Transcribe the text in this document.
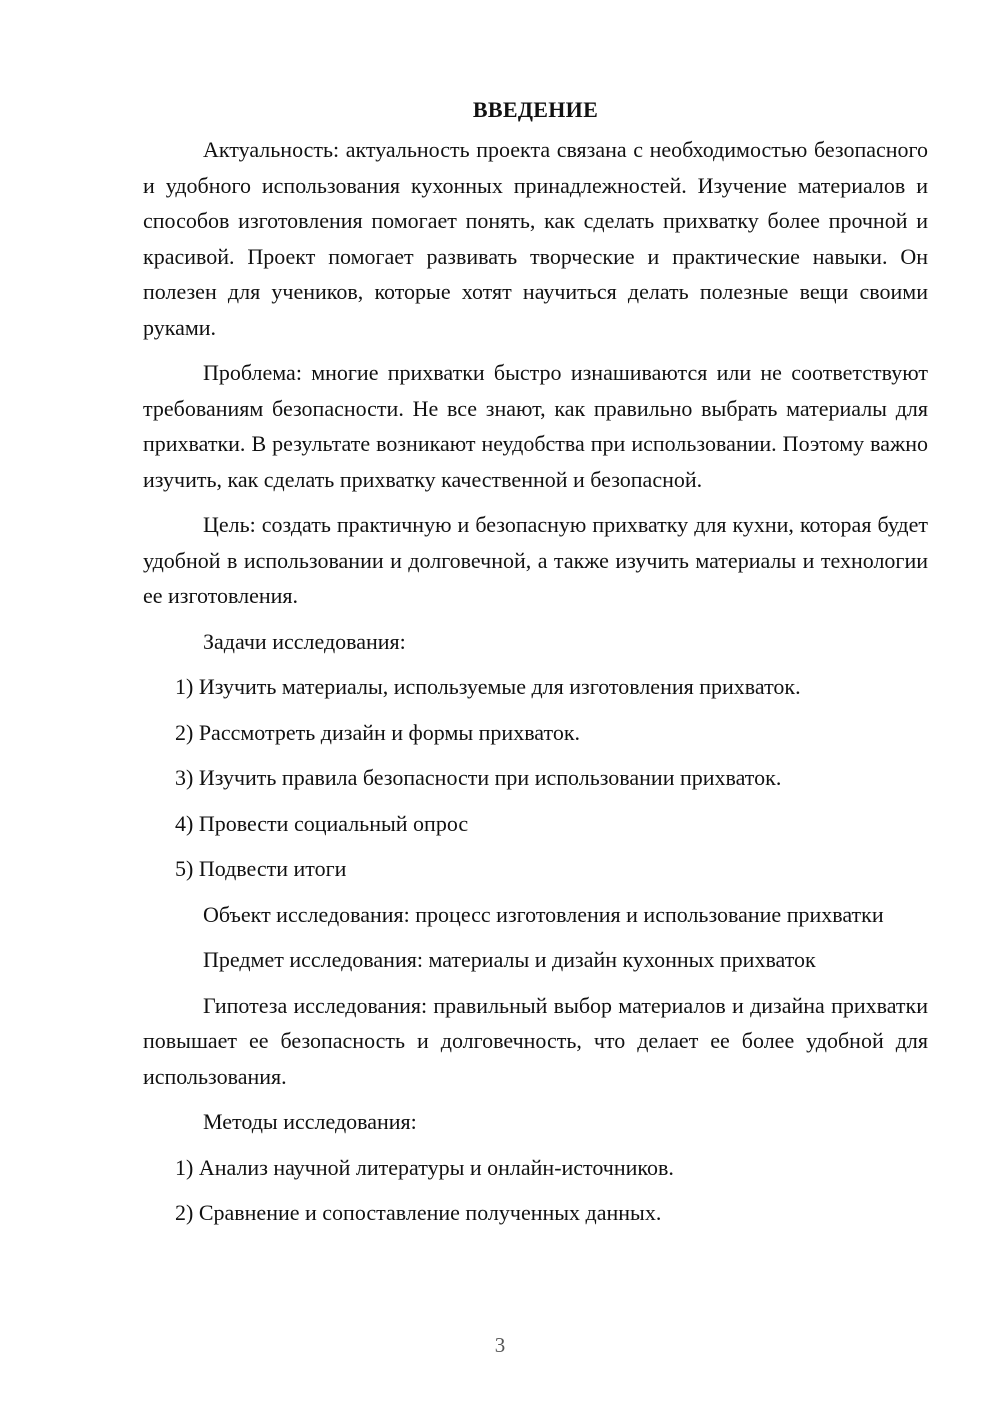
ВВЕДЕНИЕ

Актуальность: актуальность проекта связана с необходимостью безопасного и удобного использования кухонных принадлежностей. Изучение материалов и способов изготовления помогает понять, как сделать прихватку более прочной и красивой. Проект помогает развивать творческие и практические навыки. Он полезен для учеников, которые хотят научиться делать полезные вещи своими руками.

Проблема: многие прихватки быстро изнашиваются или не соответствуют требованиям безопасности. Не все знают, как правильно выбрать материалы для прихватки. В результате возникают неудобства при использовании. Поэтому важно изучить, как сделать прихватку качественной и безопасной.

Цель: создать практичную и безопасную прихватку для кухни, которая будет удобной в использовании и долговечной, а также изучить материалы и технологии ее изготовления.

Задачи исследования:

1) Изучить материалы, используемые для изготовления прихваток.

2) Рассмотреть дизайн и формы прихваток.

3) Изучить правила безопасности при использовании прихваток.

4) Провести социальный опрос

5) Подвести итоги

Объект исследования: процесс изготовления и использование прихватки

Предмет исследования: материалы и дизайн кухонных прихваток

Гипотеза исследования: правильный выбор материалов и дизайна прихватки повышает ее безопасность и долговечность, что делает ее более удобной для использования.

Методы исследования:

1) Анализ научной литературы и онлайн-источников.

2) Сравнение и сопоставление полученных данных.

3
